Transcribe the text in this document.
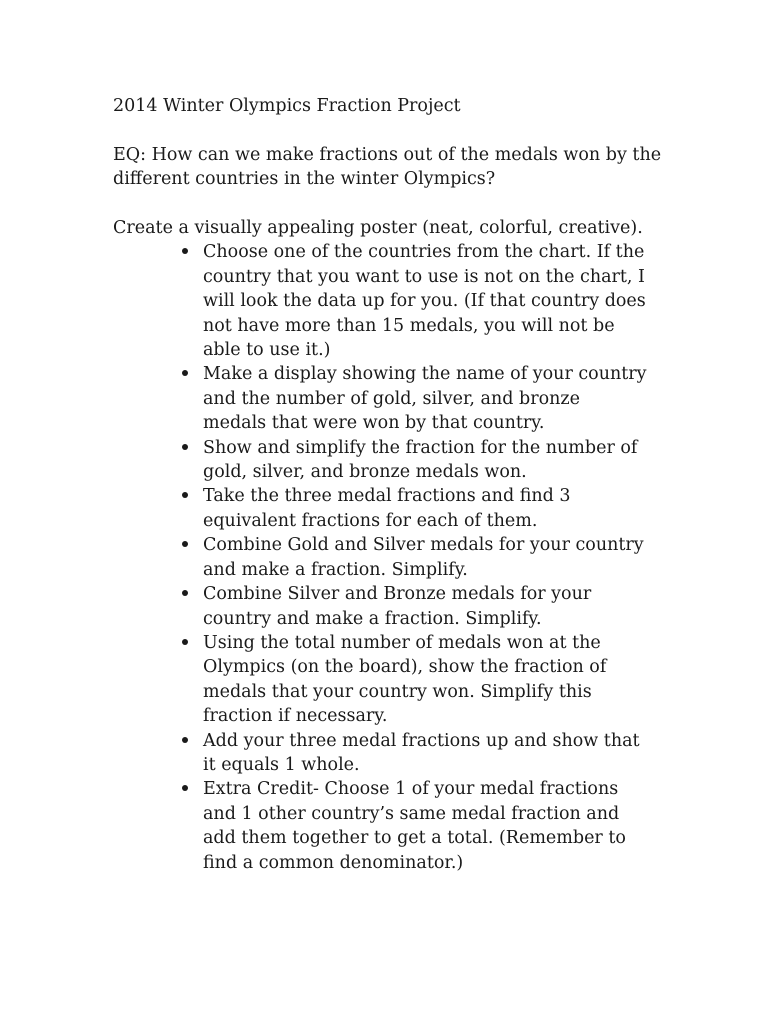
2014 Winter Olympics Fraction Project

EQ: How can we make fractions out of the medals won by the different countries in the winter Olympics?

Create a visually appealing poster (neat, colorful, creative).

Choose one of the countries from the chart. If the country that you want to use is not on the chart, I will look the data up for you. (If that country does not have more than 15 medals, you will not be able to use it.)
Make a display showing the name of your country and the number of gold, silver, and bronze medals that were won by that country.
Show and simplify the fraction for the number of gold, silver, and bronze medals won.
Take the three medal fractions and find 3 equivalent fractions for each of them.
Combine Gold and Silver medals for your country and make a fraction. Simplify.
Combine Silver and Bronze medals for your country and make a fraction. Simplify.
Using the total number of medals won at the Olympics (on the board), show the fraction of medals that your country won. Simplify this fraction if necessary.
Add your three medal fractions up and show that it equals 1 whole.
Extra Credit- Choose 1 of your medal fractions and 1 other country’s same medal fraction and add them together to get a total. (Remember to find a common denominator.)
